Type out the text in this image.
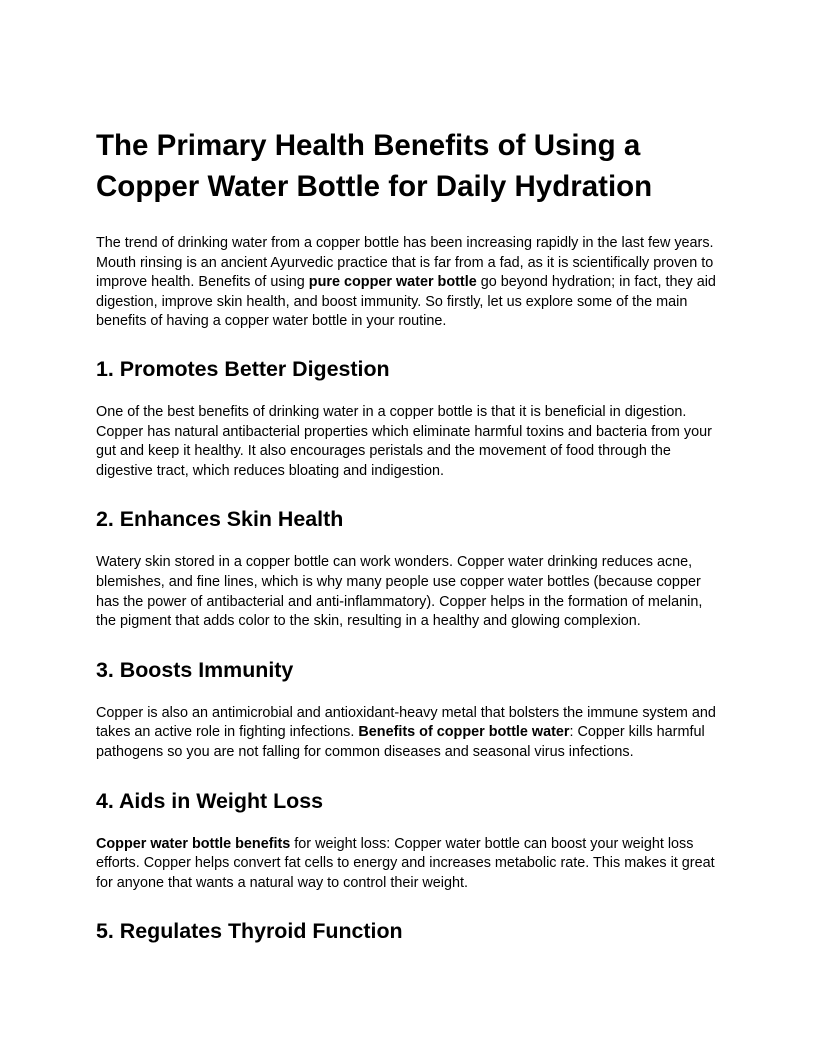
The Primary Health Benefits of Using a Copper Water Bottle for Daily Hydration

The trend of drinking water from a copper bottle has been increasing rapidly in the last few years. Mouth rinsing is an ancient Ayurvedic practice that is far from a fad, as it is scientifically proven to improve health. Benefits of using pure copper water bottle go beyond hydration; in fact, they aid digestion, improve skin health, and boost immunity. So firstly, let us explore some of the main benefits of having a copper water bottle in your routine.

1. Promotes Better Digestion

One of the best benefits of drinking water in a copper bottle is that it is beneficial in digestion. Copper has natural antibacterial properties which eliminate harmful toxins and bacteria from your gut and keep it healthy. It also encourages peristals and the movement of food through the digestive tract, which reduces bloating and indigestion.

2. Enhances Skin Health

Watery skin stored in a copper bottle can work wonders. Copper water drinking reduces acne, blemishes, and fine lines, which is why many people use copper water bottles (because copper has the power of antibacterial and anti-inflammatory). Copper helps in the formation of melanin, the pigment that adds color to the skin, resulting in a healthy and glowing complexion.

3. Boosts Immunity

Copper is also an antimicrobial and antioxidant-heavy metal that bolsters the immune system and takes an active role in fighting infections. Benefits of copper bottle water: Copper kills harmful pathogens so you are not falling for common diseases and seasonal virus infections.

4. Aids in Weight Loss

Copper water bottle benefits for weight loss: Copper water bottle can boost your weight loss efforts. Copper helps convert fat cells to energy and increases metabolic rate. This makes it great for anyone that wants a natural way to control their weight.

5. Regulates Thyroid Function
